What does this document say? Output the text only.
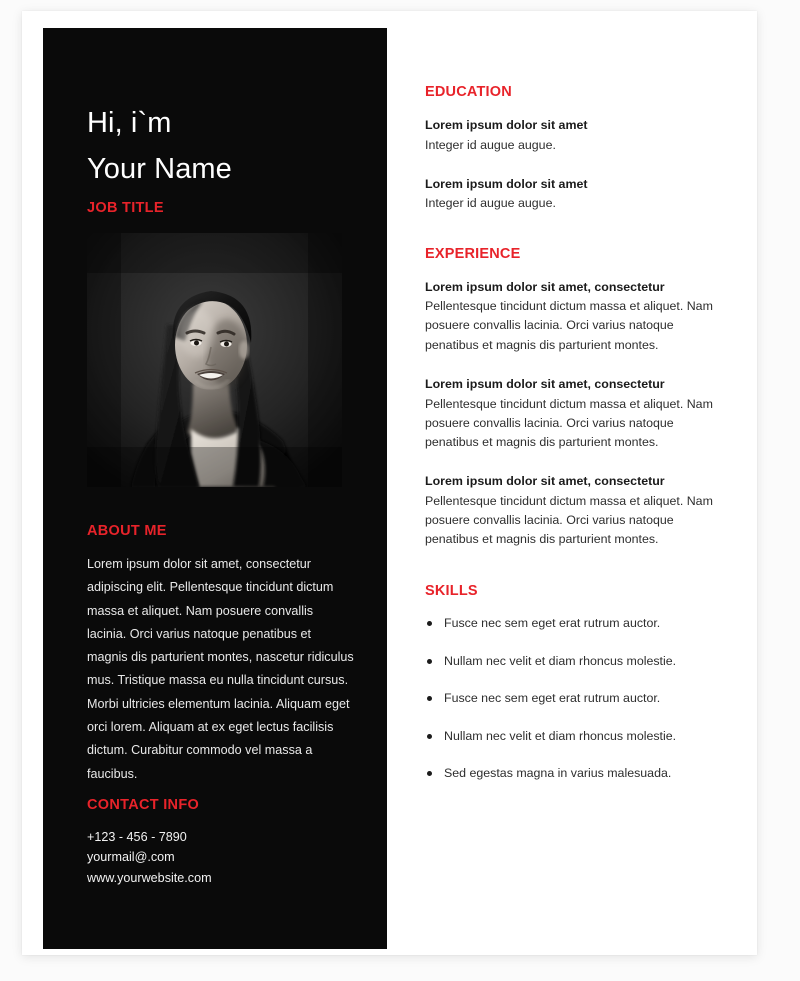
Hi, i`m
Your Name
JOB TITLE
ABOUT ME

Lorem ipsum dolor sit amet, consectetur adipiscing elit. Pellentesque tincidunt dictum massa et aliquet. Nam posuere convallis lacinia. Orci varius natoque penatibus et magnis dis parturient montes, nascetur ridiculus mus. Tristique massa eu nulla tincidunt cursus. Morbi ultricies elementum lacinia. Aliquam eget orci lorem. Aliquam at ex eget lectus facilisis dictum. Curabitur commodo vel massa a faucibus.

CONTACT INFO
+123 - 456 - 7890
yourmail@.com
www.yourwebsite.com
EDUCATION

Lorem ipsum dolor sit amet

Integer id augue augue.

Lorem ipsum dolor sit amet

Integer id augue augue.

EXPERIENCE

Lorem ipsum dolor sit amet, consectetur

Pellentesque tincidunt dictum massa et aliquet. Nam posuere convallis lacinia. Orci varius natoque penatibus et magnis dis parturient montes.

Lorem ipsum dolor sit amet, consectetur

Pellentesque tincidunt dictum massa et aliquet. Nam posuere convallis lacinia. Orci varius natoque penatibus et magnis dis parturient montes.

Lorem ipsum dolor sit amet, consectetur

Pellentesque tincidunt dictum massa et aliquet. Nam posuere convallis lacinia. Orci varius natoque penatibus et magnis dis parturient montes.

SKILLS
Fusce nec sem eget erat rutrum auctor.
Nullam nec velit et diam rhoncus molestie.
Fusce nec sem eget erat rutrum auctor.
Nullam nec velit et diam rhoncus molestie.
Sed egestas magna in varius malesuada.
